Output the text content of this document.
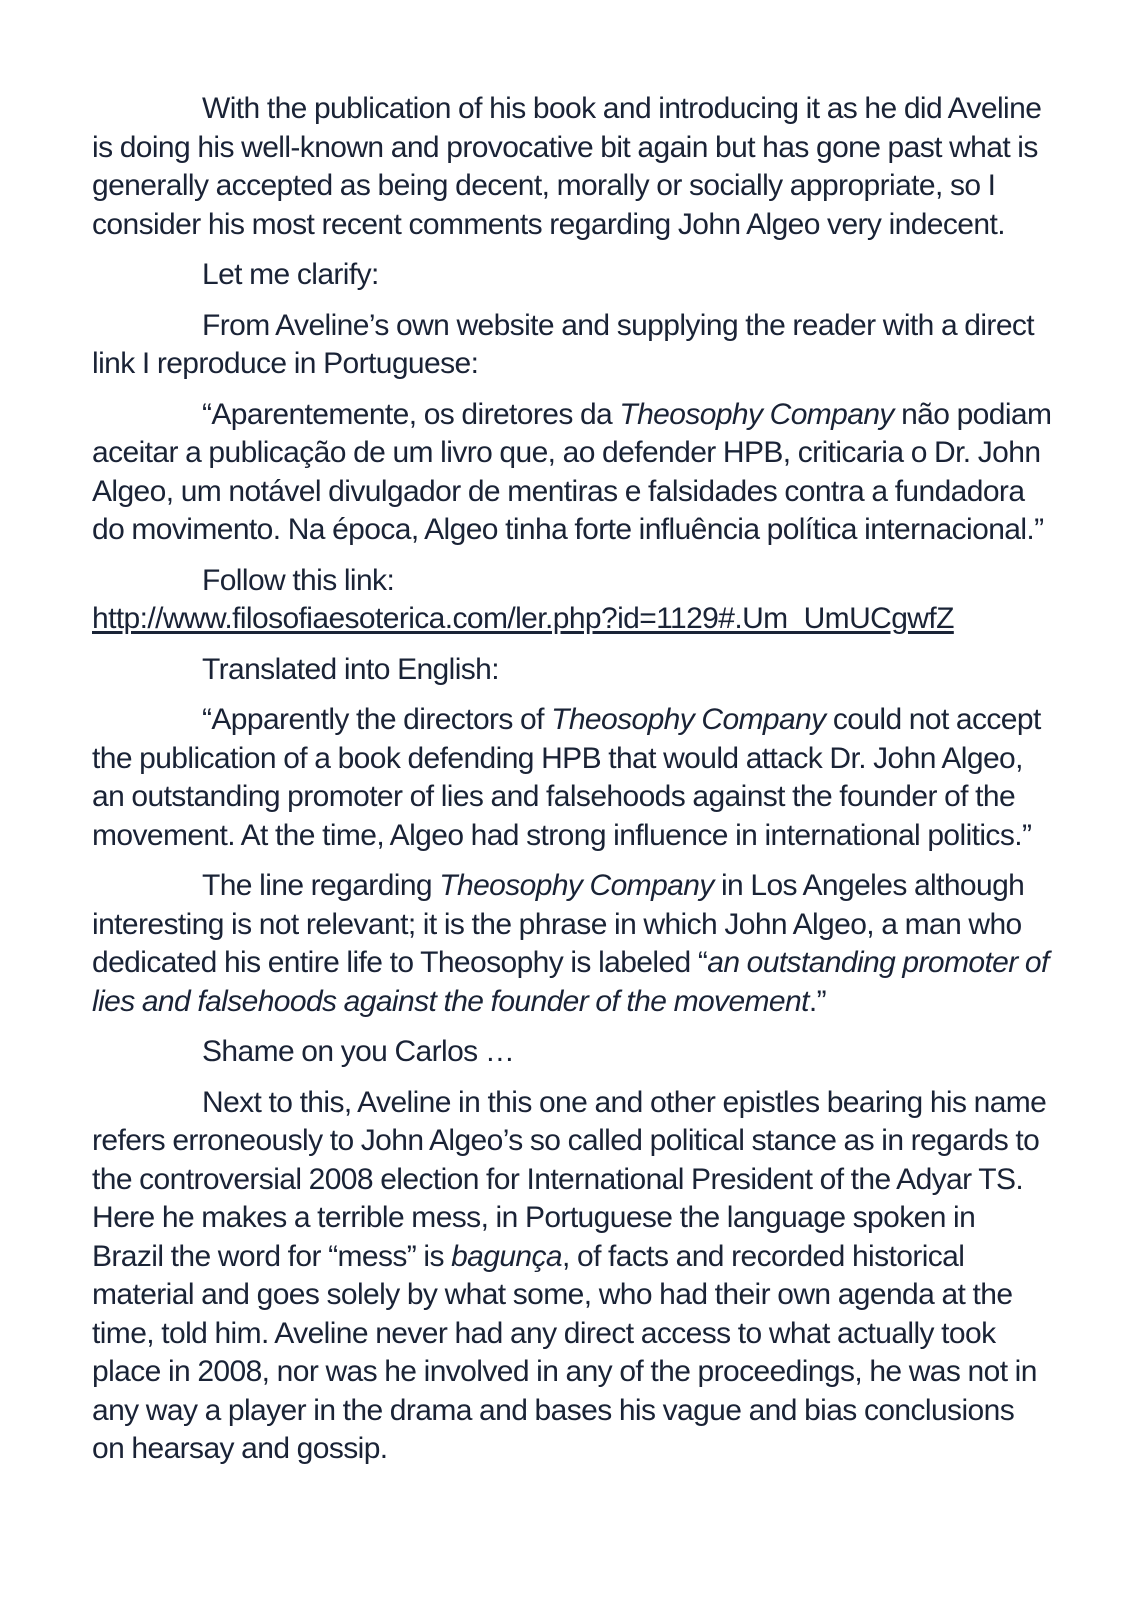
With the publication of his book and introducing it as he did Aveline is doing his well-known and provocative bit again but has gone past what is generally accepted as being decent, morally or socially appropriate, so I consider his most recent comments regarding John Algeo very indecent.

Let me clarify:

From Aveline’s own website and supplying the reader with a direct link I reproduce in Portuguese:

“Aparentemente, os diretores da Theosophy Company não podiam aceitar a publicação de um livro que, ao defender HPB, criticaria o Dr. John Algeo, um notável divulgador de mentiras e falsidades contra a fundadora do movimento. Na época, Algeo tinha forte influência política internacional.”

Follow this link:
http://www.filosofiaesoterica.com/ler.php?id=1129#.Um_UmUCgwfZ

Translated into English:

“Apparently the directors of Theosophy Company could not accept the publication of a book defending HPB that would attack Dr. John Algeo, an outstanding promoter of lies and falsehoods against the founder of the movement. At the time, Algeo had strong influence in international politics.”

The line regarding Theosophy Company in Los Angeles although interesting is not relevant; it is the phrase in which John Algeo, a man who dedicated his entire life to Theosophy is labeled “an outstanding promoter of lies and falsehoods against the founder of the movement.”

Shame on you Carlos …

Next to this, Aveline in this one and other epistles bearing his name refers erroneously to John Algeo’s so called political stance as in regards to the controversial 2008 election for International President of the Adyar TS. Here he makes a terrible mess, in Portuguese the language spoken in Brazil the word for “mess” is bagunça, of facts and recorded historical material and goes solely by what some, who had their own agenda at the time, told him. Aveline never had any direct access to what actually took place in 2008, nor was he involved in any of the proceedings, he was not in any way a player in the drama and bases his vague and bias conclusions on hearsay and gossip.
